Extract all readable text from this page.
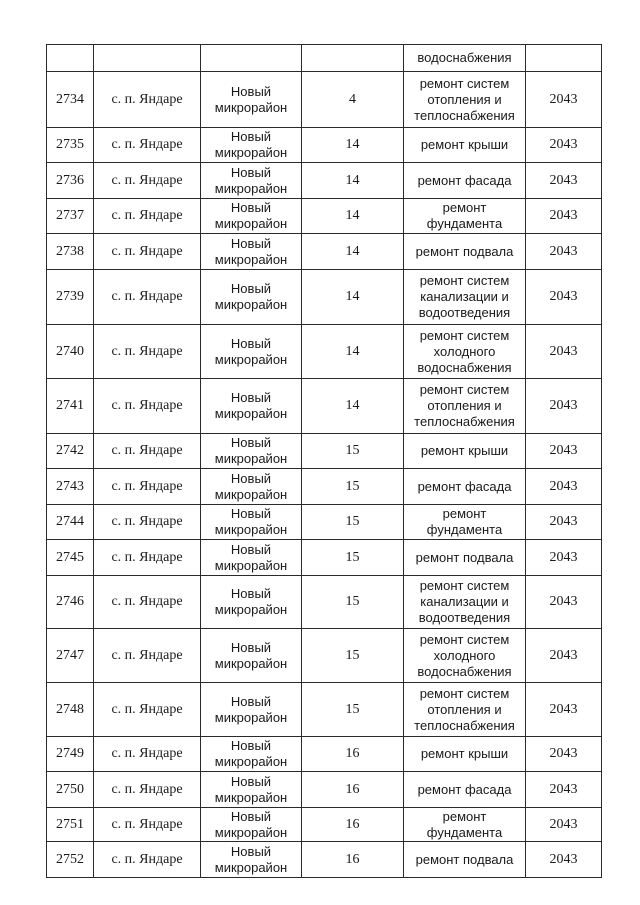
				водоснабжения	
2734	с. п. Яндаре	Новый микрорайон	4	ремонт систем отопления и теплоснабжения	2043
2735	с. п. Яндаре	Новый микрорайон	14	ремонт крыши	2043
2736	с. п. Яндаре	Новый микрорайон	14	ремонт фасада	2043
2737	с. п. Яндаре	Новый микрорайон	14	ремонт фундамента	2043
2738	с. п. Яндаре	Новый микрорайон	14	ремонт подвала	2043
2739	с. п. Яндаре	Новый микрорайон	14	ремонт систем канализации и водоотведения	2043
2740	с. п. Яндаре	Новый микрорайон	14	ремонт систем холодного водоснабжения	2043
2741	с. п. Яндаре	Новый микрорайон	14	ремонт систем отопления и теплоснабжения	2043
2742	с. п. Яндаре	Новый микрорайон	15	ремонт крыши	2043
2743	с. п. Яндаре	Новый микрорайон	15	ремонт фасада	2043
2744	с. п. Яндаре	Новый микрорайон	15	ремонт фундамента	2043
2745	с. п. Яндаре	Новый микрорайон	15	ремонт подвала	2043
2746	с. п. Яндаре	Новый микрорайон	15	ремонт систем канализации и водоотведения	2043
2747	с. п. Яндаре	Новый микрорайон	15	ремонт систем холодного водоснабжения	2043
2748	с. п. Яндаре	Новый микрорайон	15	ремонт систем отопления и теплоснабжения	2043
2749	с. п. Яндаре	Новый микрорайон	16	ремонт крыши	2043
2750	с. п. Яндаре	Новый микрорайон	16	ремонт фасада	2043
2751	с. п. Яндаре	Новый микрорайон	16	ремонт фундамента	2043
2752	с. п. Яндаре	Новый микрорайон	16	ремонт подвала	2043
